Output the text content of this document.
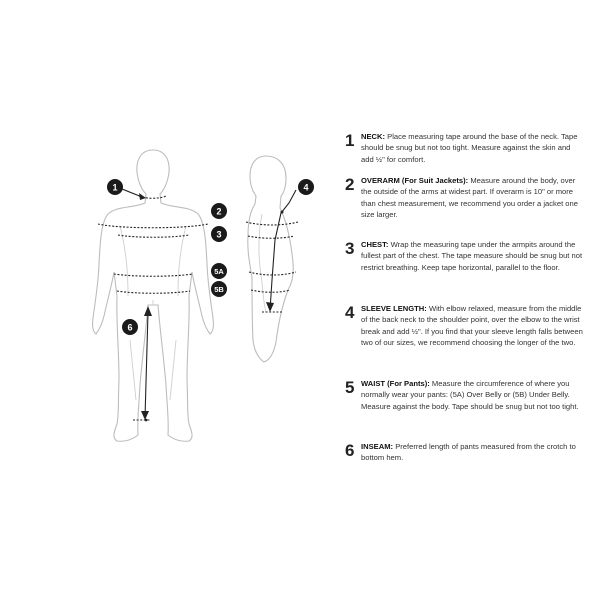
1
2
3
4
5A
5B
6
1 NECK: Place measuring tape around the base of the neck. Tape should be snug but not too tight. Measure against the skin and add ½" for comfort.
2 OVERARM (For Suit Jackets): Measure around the body, over the outside of the arms at widest part. If overarm is 10" or more than chest measurement, we recommend you order a jacket one size larger.
3 CHEST: Wrap the measuring tape under the armpits around the fullest part of the chest. The tape measure should be snug but not restrict breathing. Keep tape horizontal, parallel to the floor.
4 SLEEVE LENGTH: With elbow relaxed, measure from the middle of the back neck to the shoulder point, over the elbow to the wrist break and add ½". If you find that your sleeve length falls between two of our sizes, we recommend choosing the longer of the two.
5 WAIST (For Pants): Measure the circumference of where you normally wear your pants: (5A) Over Belly or (5B) Under Belly. Measure against the body. Tape should be snug but not too tight.
6 INSEAM: Preferred length of pants measured from the crotch to bottom hem.
